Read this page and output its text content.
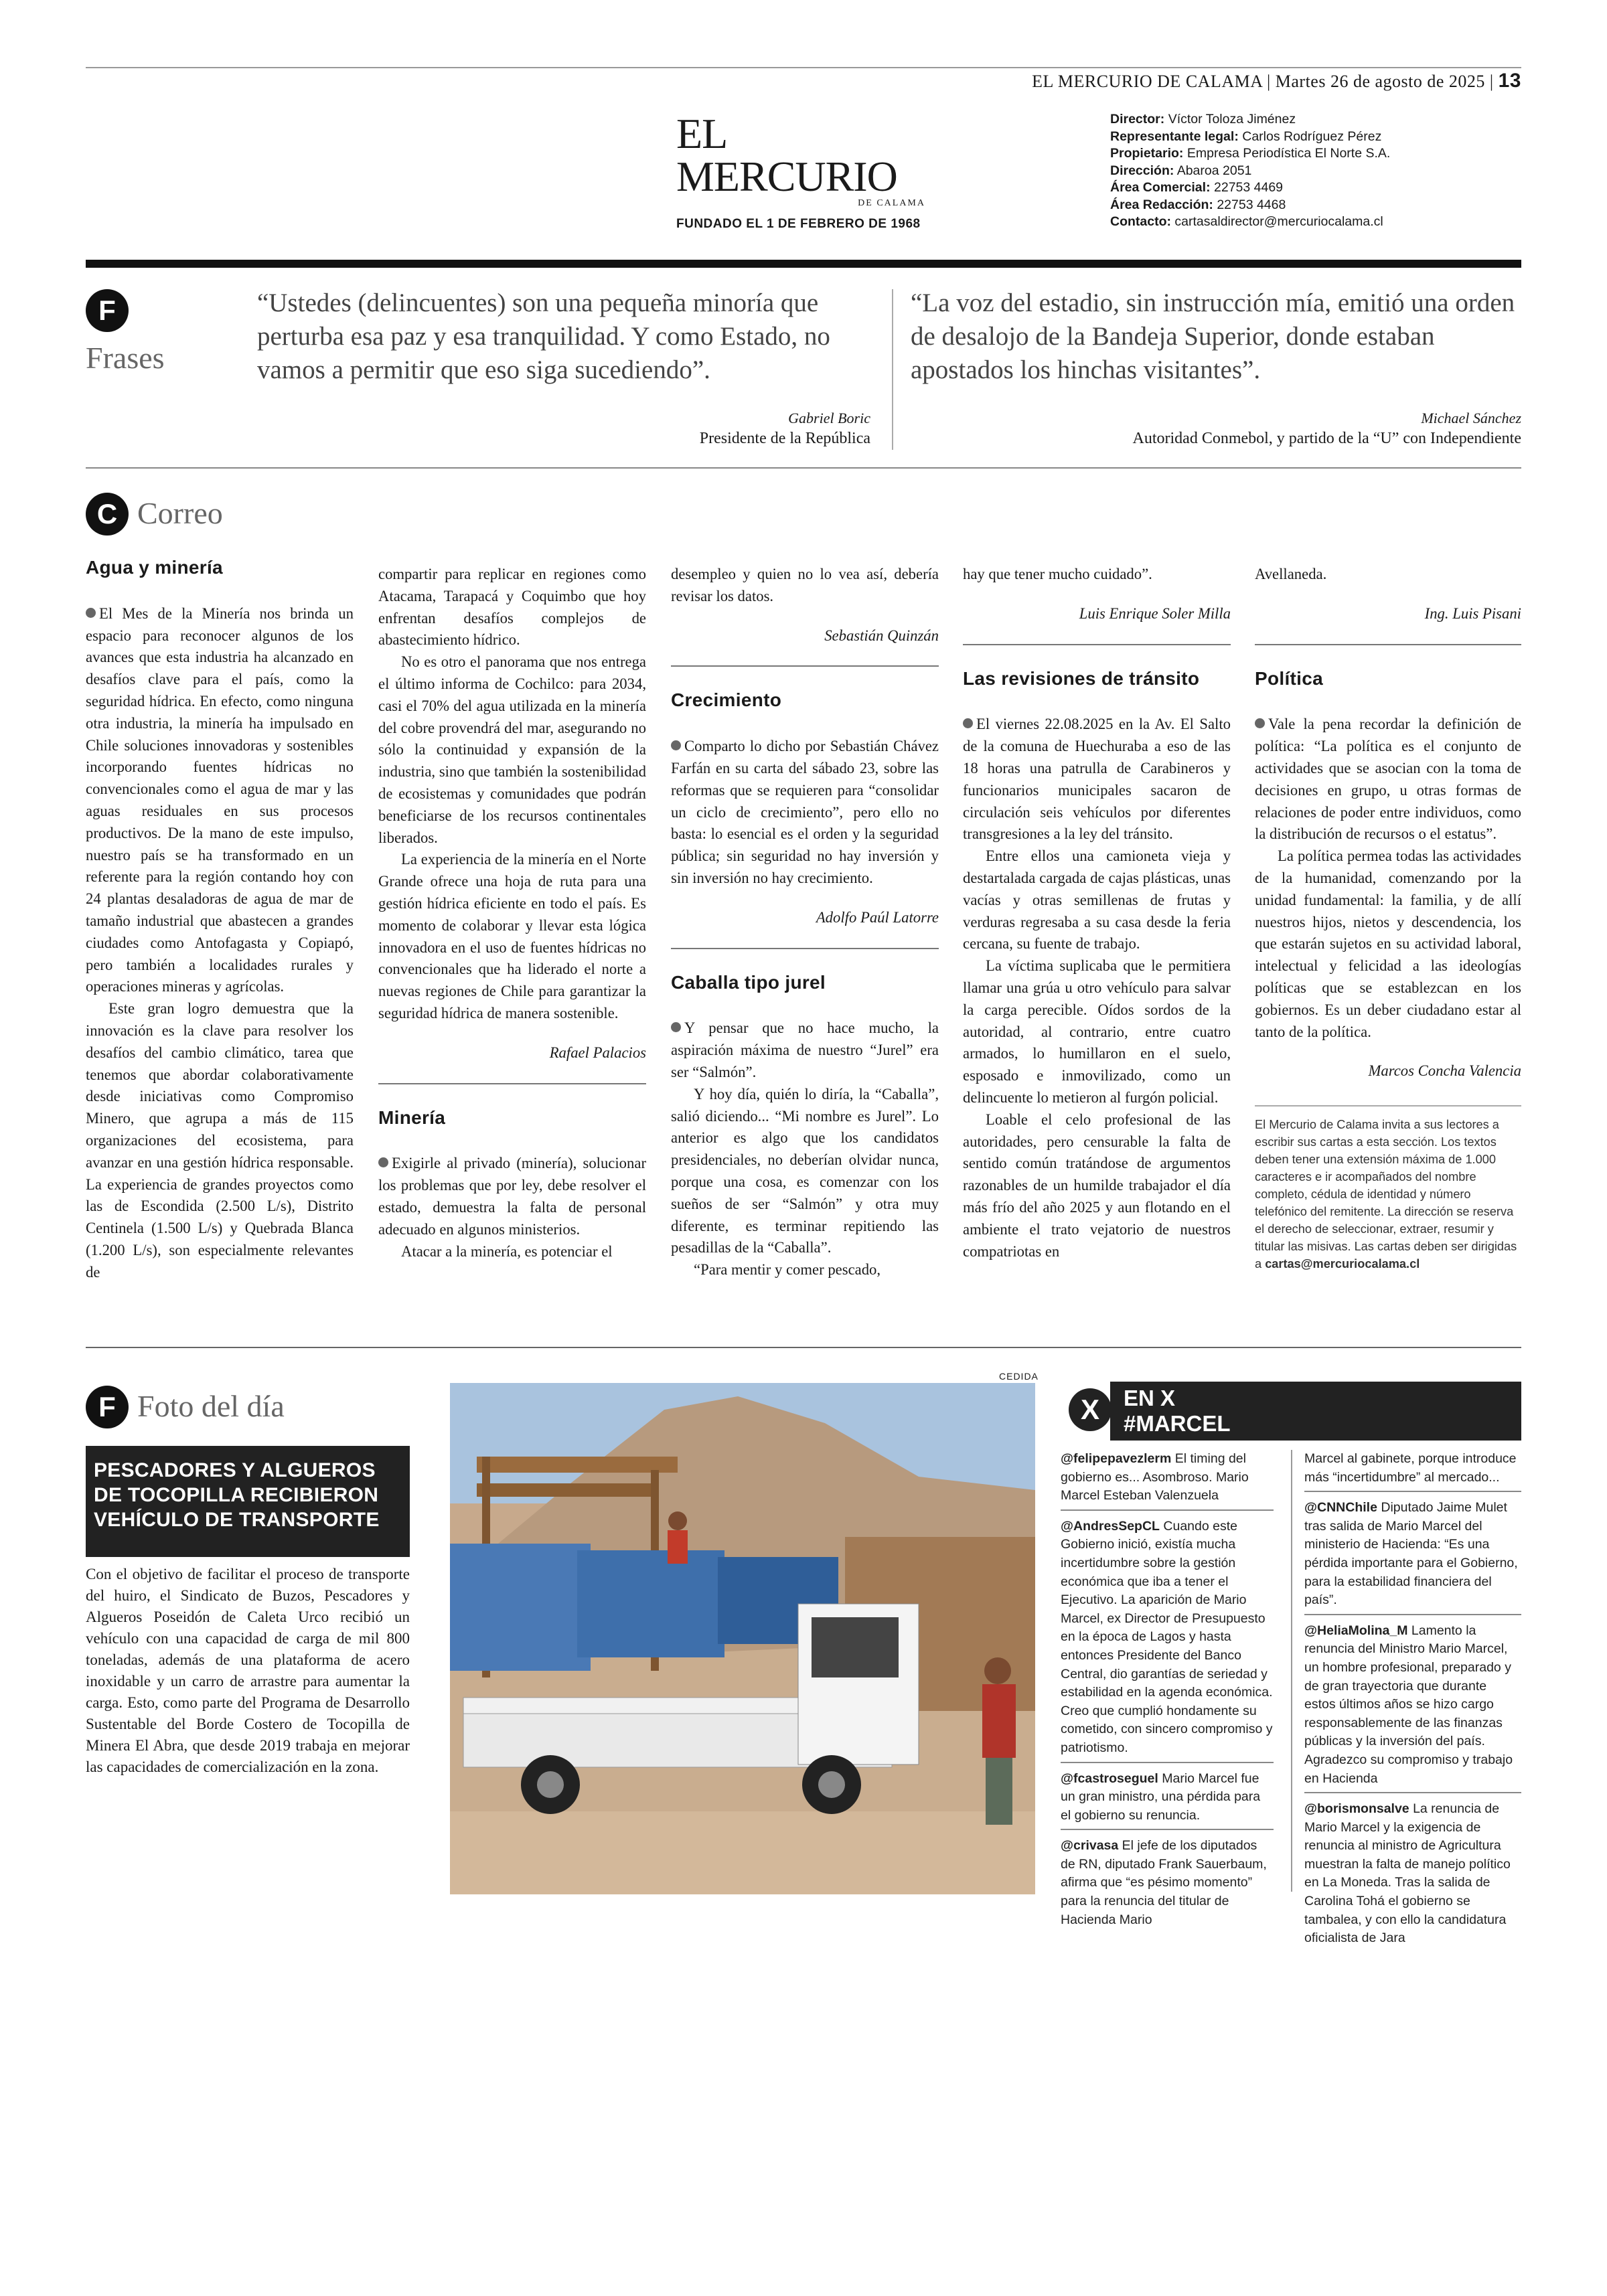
EL MERCURIO DE CALAMA | Martes 26 de agosto de 2025 | 13
EL MERCURIO
DE CALAMA
FUNDADO EL 1 DE FEBRERO DE 1968
Director: Víctor Toloza Jiménez
Representante legal: Carlos Rodríguez Pérez
Propietario: Empresa Periodística El Norte S.A.
Dirección: Abaroa 2051
Área Comercial: 22753 4469
Área Redacción: 22753 4468
Contacto: cartasaldirector@mercuriocalama.cl
F
Frases
“Ustedes (delincuentes) son una pequeña minoría que perturba esa paz y esa tranquilidad. Y como Estado, no vamos a permitir que eso siga sucediendo”.
Gabriel Boric
Presidente de la República
“La voz del estadio, sin instrucción mía, emitió una orden de desalojo de la Bandeja Superior, donde estaban apostados los hinchas visitantes”.
Michael Sánchez
Autoridad Conmebol, y partido de la “U” con Independiente
C Correo
Agua y minería

El Mes de la Minería nos brinda un espacio para reconocer algunos de los avances que esta industria ha alcanzado en desafíos clave para el país, como la seguridad hídrica. En efecto, como ninguna otra industria, la minería ha impulsado en Chile soluciones innovadoras y sostenibles incorporando fuentes hídricas no convencionales como el agua de mar y las aguas residuales en sus procesos productivos. De la mano de este impulso, nuestro país se ha transformado en un referente para la región contando hoy con 24 plantas desaladoras de agua de mar de tamaño industrial que abastecen a grandes ciudades como Antofagasta y Copiapó, pero también a localidades rurales y operaciones mineras y agrícolas.

Este gran logro demuestra que la innovación es la clave para resolver los desafíos del cambio climático, tarea que tenemos que abordar colaborativamente desde iniciativas como Compromiso Minero, que agrupa a más de 115 organizaciones del ecosistema, para avanzar en una gestión hídrica responsable. La experiencia de grandes proyectos como las de Escondida (2.500 L/s), Distrito Centinela (1.500 L/s) y Quebrada Blanca (1.200 L/s), son especialmente relevantes de

compartir para replicar en regiones como Atacama, Tarapacá y Coquimbo que hoy enfrentan desafíos complejos de abastecimiento hídrico.

No es otro el panorama que nos entrega el último informa de Cochilco: para 2034, casi el 70% del agua utilizada en la minería del cobre provendrá del mar, asegurando no sólo la continuidad y expansión de la industria, sino que también la sostenibilidad de ecosistemas y comunidades que podrán beneficiarse de los recursos continentales liberados.

La experiencia de la minería en el Norte Grande ofrece una hoja de ruta para una gestión hídrica eficiente en todo el país. Es momento de colaborar y llevar esta lógica innovadora en el uso de fuentes hídricas no convencionales que ha liderado el norte a nuevas regiones de Chile para garantizar la seguridad hídrica de manera sostenible.

Rafael Palacios

Minería

Exigirle al privado (minería), solucionar los problemas que por ley, debe resolver el estado, demuestra la falta de personal adecuado en algunos ministerios.

Atacar a la minería, es potenciar el

desempleo y quien no lo vea así, debería revisar los datos.

Sebastián Quinzán

Crecimiento

Comparto lo dicho por Sebastián Chávez Farfán en su carta del sábado 23, sobre las reformas que se requieren para “consolidar un ciclo de crecimiento”, pero ello no basta: lo esencial es el orden y la seguridad pública; sin seguridad no hay inversión y sin inversión no hay crecimiento.

Adolfo Paúl Latorre

Caballa tipo jurel

Y pensar que no hace mucho, la aspiración máxima de nuestro “Jurel” era ser “Salmón”.

Y hoy día, quién lo diría, la “Caballa”, salió diciendo... “Mi nombre es Jurel”. Lo anterior es algo que los candidatos presidenciales, no deberían olvidar nunca, porque una cosa, es comenzar con los sueños de ser “Salmón” y otra muy diferente, es terminar repitiendo las pesadillas de la “Caballa”.

“Para mentir y comer pescado,

hay que tener mucho cuidado”.

Luis Enrique Soler Milla

Las revisiones de tránsito

El viernes 22.08.2025 en la Av. El Salto de la comuna de Huechuraba a eso de las 18 horas una patrulla de Carabineros y funcionarios municipales sacaron de circulación seis vehículos por diferentes transgresiones a la ley del tránsito.

Entre ellos una camioneta vieja y destartalada cargada de cajas plásticas, unas vacías y otras semillenas de frutas y verduras regresaba a su casa desde la feria cercana, su fuente de trabajo.

La víctima suplicaba que le permitiera llamar una grúa u otro vehículo para salvar la carga perecible. Oídos sordos de la autoridad, al contrario, entre cuatro armados, lo humillaron en el suelo, esposado e inmovilizado, como un delincuente lo metieron al furgón policial.

Loable el celo profesional de las autoridades, pero censurable la falta de sentido común tratándose de argumentos razonables de un humilde trabajador el día más frío del año 2025 y aun flotando en el ambiente el trato vejatorio de nuestros compatriotas en

Avellaneda.

Ing. Luis Pisani

Política

Vale la pena recordar la definición de política: “La política es el conjunto de actividades que se asocian con la toma de decisiones en grupo, u otras formas de relaciones de poder entre individuos, como la distribución de recursos o el estatus”.

La política permea todas las actividades de la humanidad, comenzando por la unidad fundamental: la familia, y de allí nuestros hijos, nietos y descendencia, los que estarán sujetos en su actividad laboral, intelectual y felicidad a las ideologías políticas que se establezcan en los gobiernos. Es un deber ciudadano estar al tanto de la política.

Marcos Concha Valencia

El Mercurio de Calama invita a sus lectores a escribir sus cartas a esta sección. Los textos deben tener una extensión máxima de 1.000 caracteres e ir acompañados del nombre completo, cédula de identidad y número telefónico del remitente. La dirección se reserva el derecho de seleccionar, extraer, resumir y titular las misivas. Las cartas deben ser dirigidas a cartas@mercuriocalama.cl
F Foto del día
PESCADORES Y ALGUEROS DE TOCOPILLA RECIBIERON VEHÍCULO DE TRANSPORTE
Con el objetivo de facilitar el proceso de transporte del huiro, el Sindicato de Buzos, Pescadores y Algueros Poseidón de Caleta Urco recibió un vehículo con una capacidad de carga de mil 800 toneladas, además de una plataforma de acero inoxidable y un carro de arrastre para aumentar la carga. Esto, como parte del Programa de Desarrollo Sustentable del Borde Costero de Tocopilla de Minera El Abra, que desde 2019 trabaja en mejorar las capacidades de comercialización en la zona.
CEDIDA
X	EN X
#MARCEL
@felipepavezlerm El timing del gobierno es... Asombroso. Mario Marcel Esteban Valenzuela
@AndresSepCL Cuando este Gobierno inició, existía mucha incertidumbre sobre la gestión económica que iba a tener el Ejecutivo. La aparición de Mario Marcel, ex Director de Presupuesto en la época de Lagos y hasta entonces Presidente del Banco Central, dio garantías de seriedad y estabilidad en la agenda económica. Creo que cumplió hondamente su cometido, con sincero compromiso y patriotismo.
@fcastroseguel Mario Marcel fue un gran ministro, una pérdida para el gobierno su renuncia.
@crivasa El jefe de los diputados de RN, diputado Frank Sauerbaum, afirma que “es pésimo momento” para la renuncia del titular de Hacienda Mario
Marcel al gabinete, porque introduce más “incertidumbre” al mercado...
@CNNChile Diputado Jaime Mulet tras salida de Mario Marcel del ministerio de Hacienda: “Es una pérdida importante para el Gobierno, para la estabilidad financiera del país”.
@HeliaMolina_M Lamento la renuncia del Ministro Mario Marcel, un hombre profesional, preparado y de gran trayectoria que durante estos últimos años se hizo cargo responsablemente de las finanzas públicas y la inversión del país. Agradezco su compromiso y trabajo en Hacienda
@borismonsalve La renuncia de Mario Marcel y la exigencia de renuncia al ministro de Agricultura muestran la falta de manejo político en La Moneda. Tras la salida de Carolina Tohá el gobierno se tambalea, y con ello la candidatura oficialista de Jara
